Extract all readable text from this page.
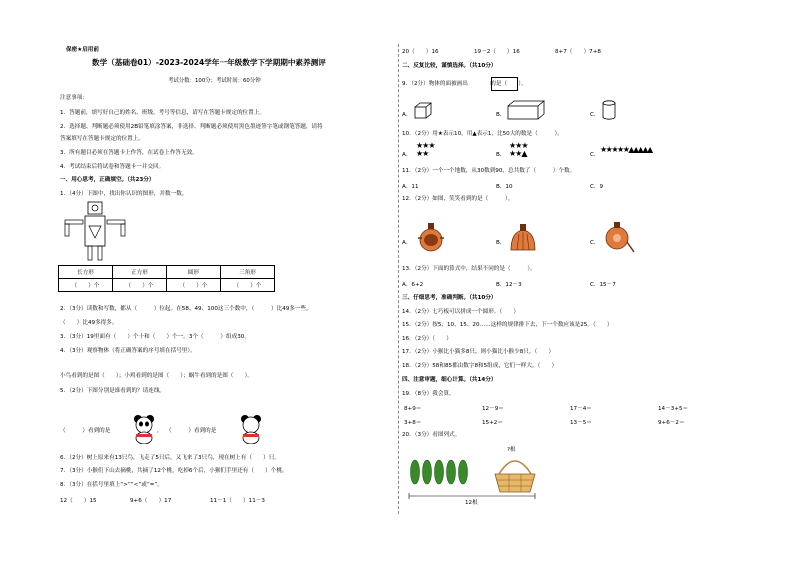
保密★启用前
数学（基础卷01）-2023-2024学年一年级数学下学期期中素养测评
考试分数：100分；考试时间：60分钟
注意事项：
1．答题前，填写好自己的姓名、班级、考号等信息，请写在答题卡规定的位置上。
2．选择题、判断题必须使用2B铅笔填涂答案，非选择、判断题必须使用黑色墨迹签字笔或钢笔答题，请将
答案填写在答题卡规定的位置上。
3．所有题目必须在答题卡上作答，在试卷上作答无效。
4．考试结束后将试卷和答题卡一并交回。
一、用心思考，正确填空。（共23分）
1．（4分）下图中，找出你认识的图形，并数一数。
长方形	正方形	圆形	三角形
（　　）个	（　　）个	（　　）个	（　　）个
2．（3分）读数和写数，都从（　　　）位起。在58、49、100这三个数中，（　　　）比49多一些。
（　　）比49多得多。
3．（3分）19里面有（　　）个十和（　　）个一。3个（　　　）组成30。
4．（3分）观察物体（将正确答案的序号填在括号里）。
小鸟看到的是图（　　）；小鸡看到的是图（　　）；蜗牛看到的是图（　　）。
5．（2分）下图分别是谁看到的？请连线。
（　　　）看到的是	， （　　　）看到的是
6．（2分）树上原来有13只鸟，飞走了5只后，又飞来了3只鸟，现在树上有（　　）只。
7．（3分）小猴们下山去摘桃，共摘了12个桃，吃掉6个后，小猴们手里还有（　　）个桃。
8．（3分）在括号里填上“>”“<”或“=”。
12（　　）15	9+6（　　）17	11－1（　　）11－3
20（　　）16	19－2（　　）16	8+7（　　）7+8
二、反复比较，谨慎选择。（共10分）
9．（2分）物体的面被画出　　　　的是（　　）。
A．	B．	C．
10．（2分）用★表示10，用▲表示1，比50大的数是（　　　）。
A．
★★★
★★	B．
★★★
★★▲	C．
★★★★★▲▲▲▲▲
11．（2分）一个一个地数，从30数到90，总共数了（　　　）个数。
A．11	B．10	C．9
12．（2分）如图，笑笑看到的是（　　　）。
A．	B．	C．
13．（2分）下面的算式中，结果不同的是（　　　）。
A．6+2	B．12－3	C．15－7
三、仔细思考，准确判断。（共10分）
14．（2分）七巧板可以拼成一个圆形。（　　）
15．（2分）按5、10、15、20……这样的规律排下去，下一个数应该是25。（　　）
16．（2分）（　　）
17．（2分）小猴比小猫多8只，则小猫比小猴少8只。（　　）
18．（2分）58和85都由数字8和5组成，它们一样大。（　　）
四、注意审题，细心计算。（共14分）
19．（8分）我会算。
8+9＝	12－9＝	17－4＝	14－3+5＝
3+8＝	15+2＝	13－5＝	9+6－2＝
20．（3分）看图列式。
?根
12根
